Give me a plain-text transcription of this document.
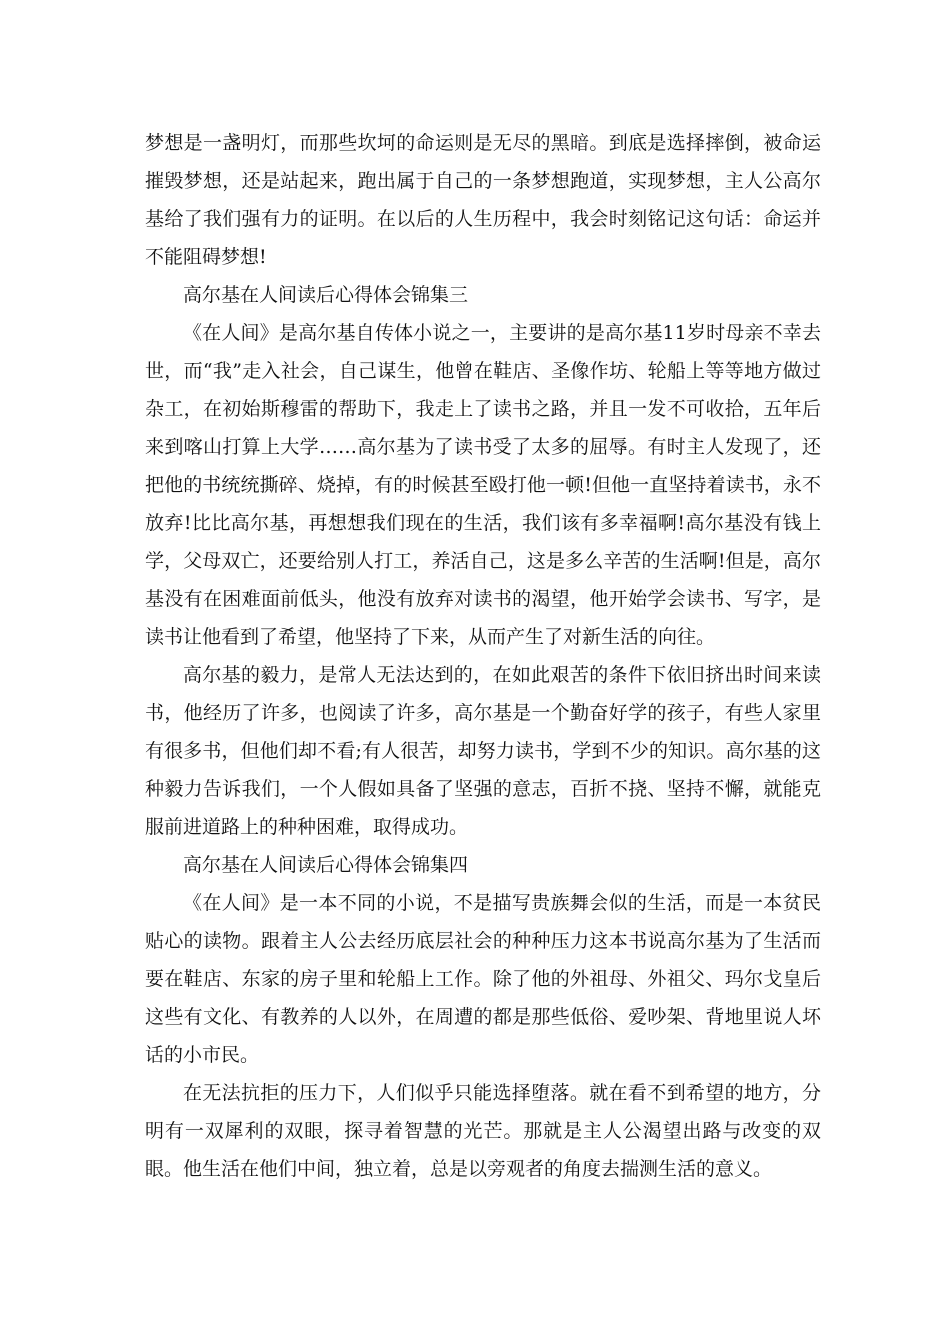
梦想是一盏明灯，而那些坎坷的命运则是无尽的黑暗。到底是选择摔倒，被命运摧毁梦想，还是站起来，跑出属于自己的一条梦想跑道，实现梦想，主人公高尔基给了我们强有力的证明。在以后的人生历程中，我会时刻铭记这句话：命运并不能阻碍梦想!

高尔基在人间读后心得体会锦集三

《在人间》是高尔基自传体小说之一，主要讲的是高尔基11岁时母亲不幸去世，而“我”走入社会，自己谋生，他曾在鞋店、圣像作坊、轮船上等等地方做过杂工，在初始斯穆雷的帮助下，我走上了读书之路，并且一发不可收拾，五年后来到喀山打算上大学……高尔基为了读书受了太多的屈辱。有时主人发现了，还把他的书统统撕碎、烧掉，有的时候甚至殴打他一顿!但他一直坚持着读书，永不放弃!比比高尔基，再想想我们现在的生活，我们该有多幸福啊!高尔基没有钱上学，父母双亡，还要给别人打工，养活自己，这是多么辛苦的生活啊!但是，高尔基没有在困难面前低头，他没有放弃对读书的渴望，他开始学会读书、写字，是读书让他看到了希望，他坚持了下来，从而产生了对新生活的向往。

高尔基的毅力，是常人无法达到的，在如此艰苦的条件下依旧挤出时间来读书，他经历了许多，也阅读了许多，高尔基是一个勤奋好学的孩子，有些人家里有很多书，但他们却不看;有人很苦，却努力读书，学到不少的知识。高尔基的这种毅力告诉我们，一个人假如具备了坚强的意志，百折不挠、坚持不懈，就能克服前进道路上的种种困难，取得成功。

高尔基在人间读后心得体会锦集四

《在人间》是一本不同的小说，不是描写贵族舞会似的生活，而是一本贫民贴心的读物。跟着主人公去经历底层社会的种种压力这本书说高尔基为了生活而要在鞋店、东家的房子里和轮船上工作。除了他的外祖母、外祖父、玛尔戈皇后这些有文化、有教养的人以外，在周遭的都是那些低俗、爱吵架、背地里说人坏话的小市民。

在无法抗拒的压力下，人们似乎只能选择堕落。就在看不到希望的地方，分明有一双犀利的双眼，探寻着智慧的光芒。那就是主人公渴望出路与改变的双眼。他生活在他们中间，独立着，总是以旁观者的角度去揣测生活的意义。
